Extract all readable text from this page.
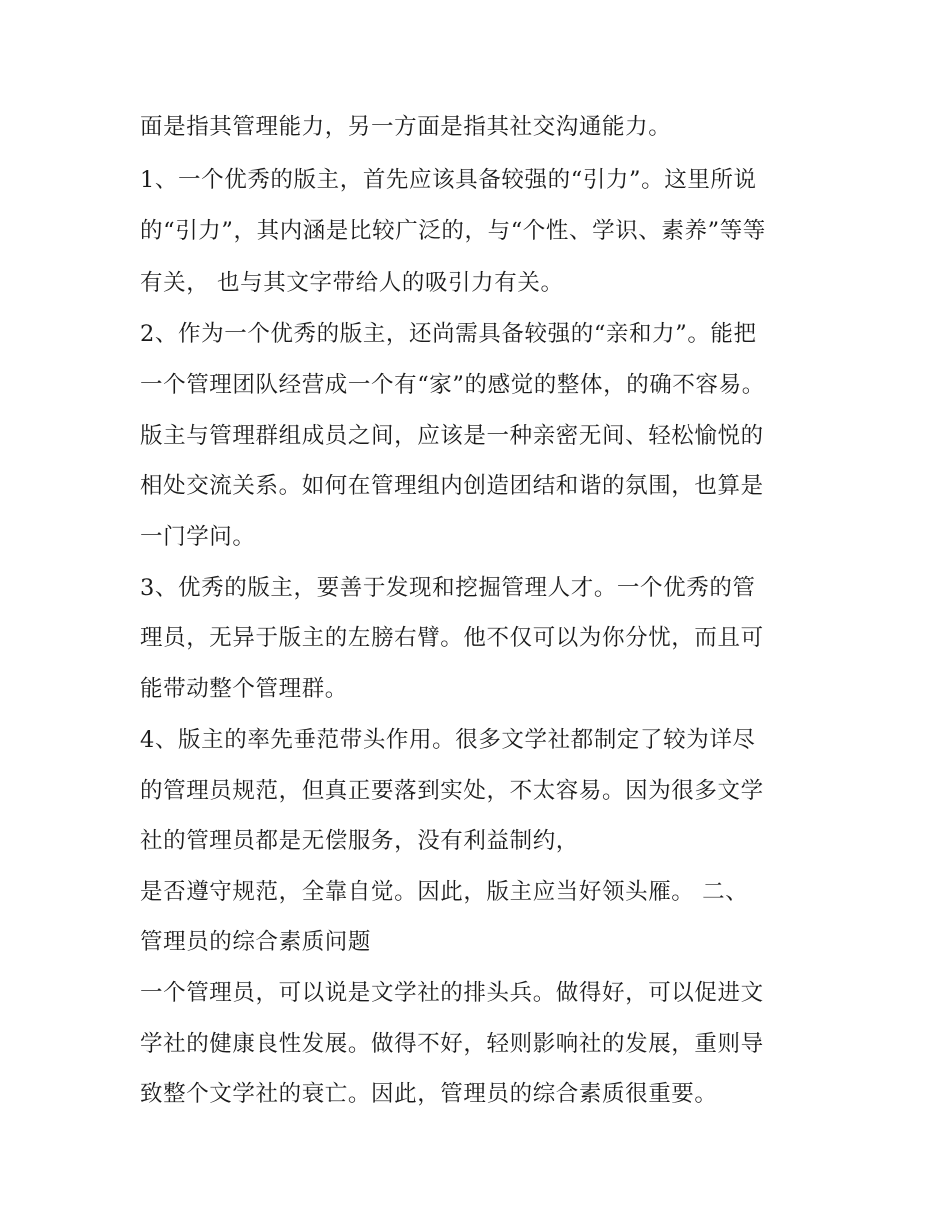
面是指其管理能力，另一方面是指其社交沟通能力。

1、一个优秀的版主，首先应该具备较强的“引力”。这里所说

的“引力”，其内涵是比较广泛的，与“个性、学识、素养”等等

有关， 也与其文字带给人的吸引力有关。

2、作为一个优秀的版主，还尚需具备较强的“亲和力”。能把

一个管理团队经营成一个有“家”的感觉的整体，的确不容易。

版主与管理群组成员之间，应该是一种亲密无间、轻松愉悦的

相处交流关系。如何在管理组内创造团结和谐的氛围，也算是

一门学问。

3、优秀的版主，要善于发现和挖掘管理人才。一个优秀的管

理员，无异于版主的左膀右臂。他不仅可以为你分忧，而且可

能带动整个管理群。

4、版主的率先垂范带头作用。很多文学社都制定了较为详尽

的管理员规范，但真正要落到实处，不太容易。因为很多文学

社的管理员都是无偿服务，没有利益制约，

是否遵守规范，全靠自觉。因此，版主应当好领头雁。 二、

管理员的综合素质问题

一个管理员，可以说是文学社的排头兵。做得好，可以促进文

学社的健康良性发展。做得不好，轻则影响社的发展，重则导

致整个文学社的衰亡。因此，管理员的综合素质很重要。
